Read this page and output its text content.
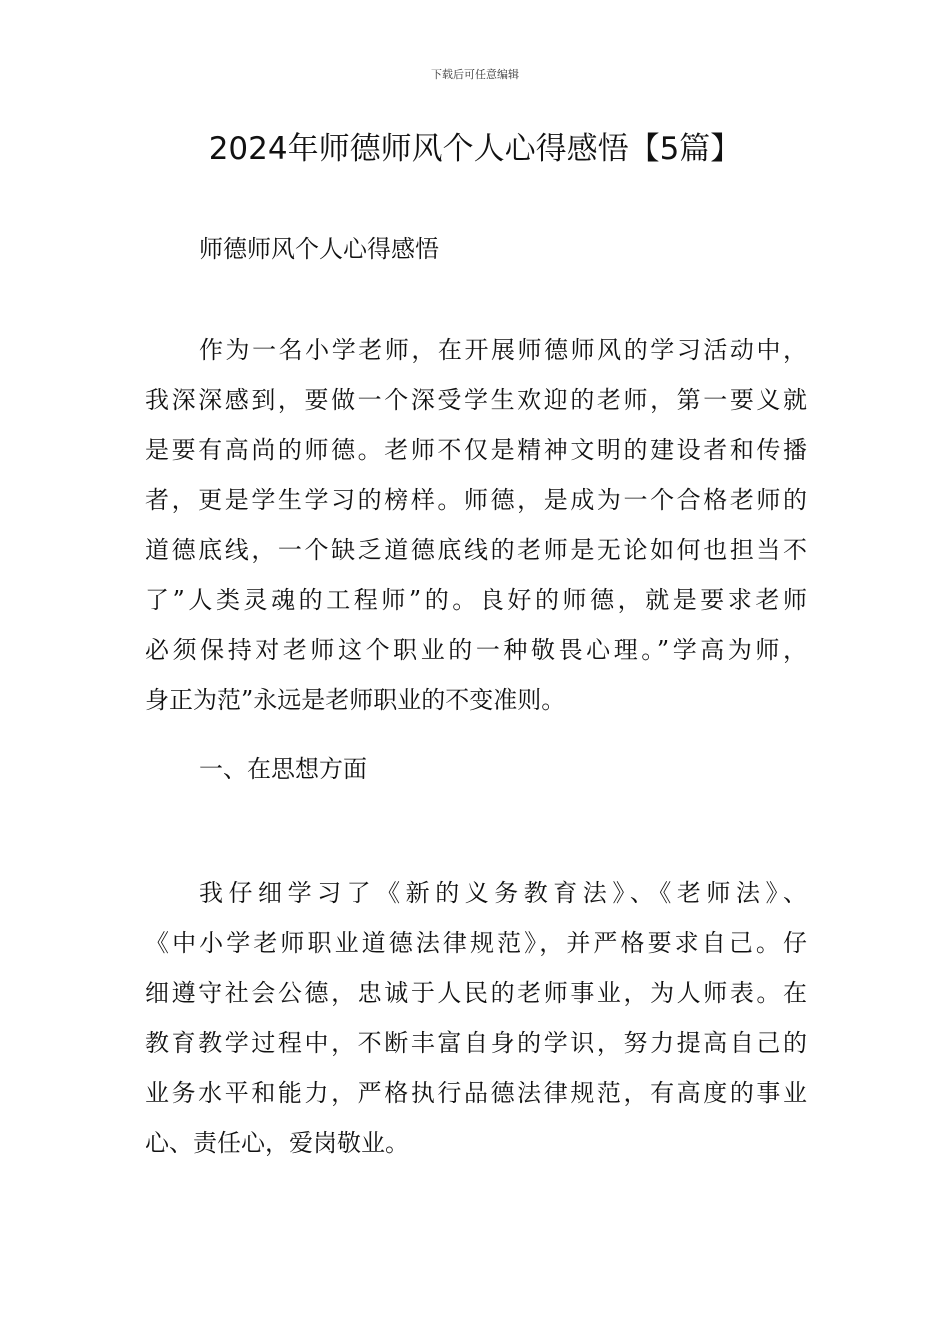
下载后可任意编辑
2024年师德师风个人心得感悟【5篇】

师德师风个人心得感悟

作为一名小学老师，在开展师德师风的学习活动中，
我深深感到，要做一个深受学生欢迎的老师，第一要义就
是要有高尚的师德。老师不仅是精神文明的建设者和传播
者，更是学生学习的榜样。师德，是成为一个合格老师的
道德底线，一个缺乏道德底线的老师是无论如何也担当不
了”人类灵魂的工程师”的。良好的师德，就是要求老师
必须保持对老师这个职业的一种敬畏心理。”学高为师，
身正为范”永远是老师职业的不变准则。

一、在思想方面

我仔细学习了《新的义务教育法》、《老师法》、
《中小学老师职业道德法律规范》，并严格要求自己。仔
细遵守社会公德，忠诚于人民的老师事业，为人师表。在
教育教学过程中，不断丰富自身的学识，努力提高自己的
业务水平和能力，严格执行品德法律规范，有高度的事业
心、责任心，爱岗敬业。
